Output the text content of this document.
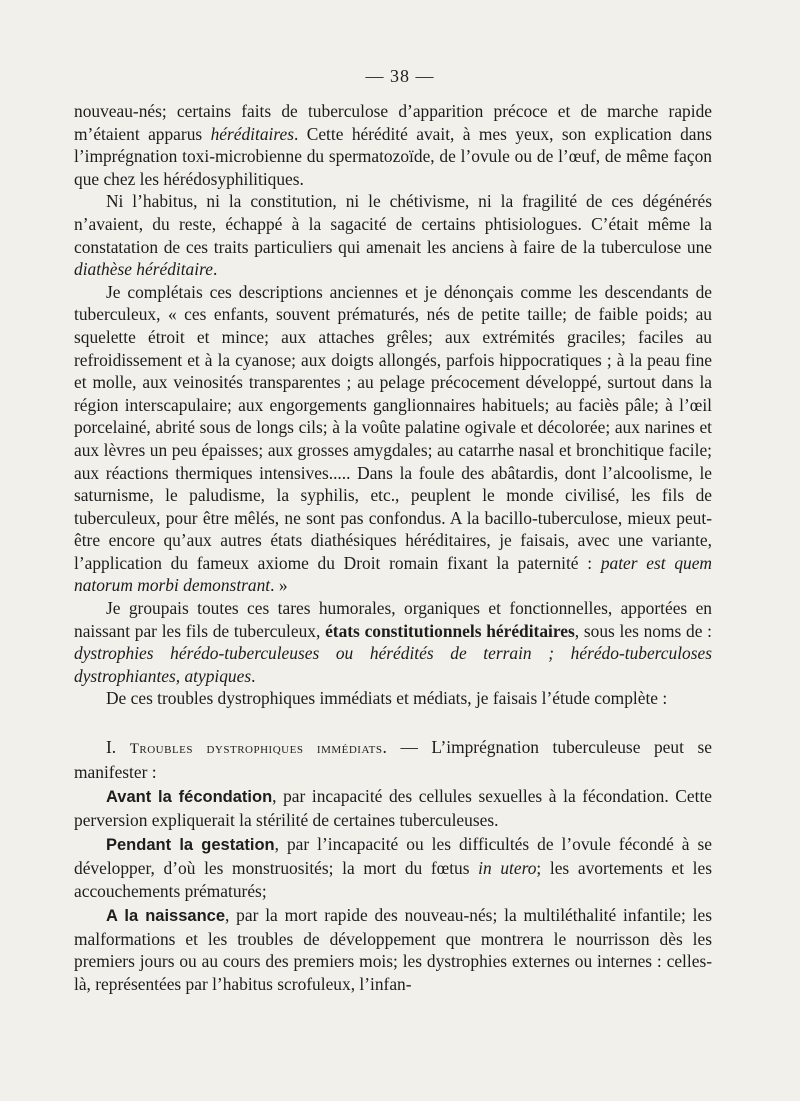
— 38 —

nouveau-nés; certains faits de tuberculose d’apparition précoce et de marche rapide m’étaient apparus héréditaires. Cette hérédité avait, à mes yeux, son explication dans l’imprégnation toxi-microbienne du spermatozoïde, de l’ovule ou de l’œuf, de même façon que chez les hérédosyphilitiques.

Ni l’habitus, ni la constitution, ni le chétivisme, ni la fragilité de ces dégénérés n’avaient, du reste, échappé à la sagacité de certains phtisiologues. C’était même la constatation de ces traits particuliers qui amenait les anciens à faire de la tuberculose une diathèse héréditaire.

Je complétais ces descriptions anciennes et je dénonçais comme les descendants de tuberculeux, « ces enfants, souvent prématurés, nés de petite taille; de faible poids; au squelette étroit et mince; aux attaches grêles; aux extrémités graciles; faciles au refroidissement et à la cyanose; aux doigts allongés, parfois hippocratiques ; à la peau fine et molle, aux veinosités transparentes ; au pelage précocement développé, surtout dans la région interscapulaire; aux engorgements ganglionnaires habituels; au faciès pâle; à l’œil porcelainé, abrité sous de longs cils; à la voûte palatine ogivale et décolorée; aux narines et aux lèvres un peu épaisses; aux grosses amygdales; au catarrhe nasal et bronchitique facile; aux réactions thermiques intensives..... Dans la foule des abâtardis, dont l’alcoolisme, le saturnisme, le paludisme, la syphilis, etc., peuplent le monde civilisé, les fils de tuberculeux, pour être mêlés, ne sont pas confondus. A la bacillo-tuberculose, mieux peut-être encore qu’aux autres états diathésiques héréditaires, je faisais, avec une variante, l’application du fameux axiome du Droit romain fixant la paternité : pater est quem natorum morbi demonstrant. »

Je groupais toutes ces tares humorales, organiques et fonctionnelles, apportées en naissant par les fils de tuberculeux, états constitutionnels héréditaires, sous les noms de : dystrophies hérédo-tuberculeuses ou hérédités de terrain ; hérédo-tuberculoses dystrophiantes, atypiques.

De ces troubles dystrophiques immédiats et médiats, je faisais l’étude complète :

I. Troubles dystrophiques immédiats. — L’imprégnation tuberculeuse peut se manifester :

Avant la fécondation, par incapacité des cellules sexuelles à la fécondation. Cette perversion expliquerait la stérilité de certaines tuberculeuses.

Pendant la gestation, par l’incapacité ou les difficultés de l’ovule fécondé à se développer, d’où les monstruosités; la mort du fœtus in utero; les avortements et les accouchements prématurés;

A la naissance, par la mort rapide des nouveau-nés; la multiléthalité infantile; les malformations et les troubles de développement que montrera le nourrisson dès les premiers jours ou au cours des premiers mois; les dystrophies externes ou internes : celles-là, représentées par l’habitus scrofuleux, l’infan-
